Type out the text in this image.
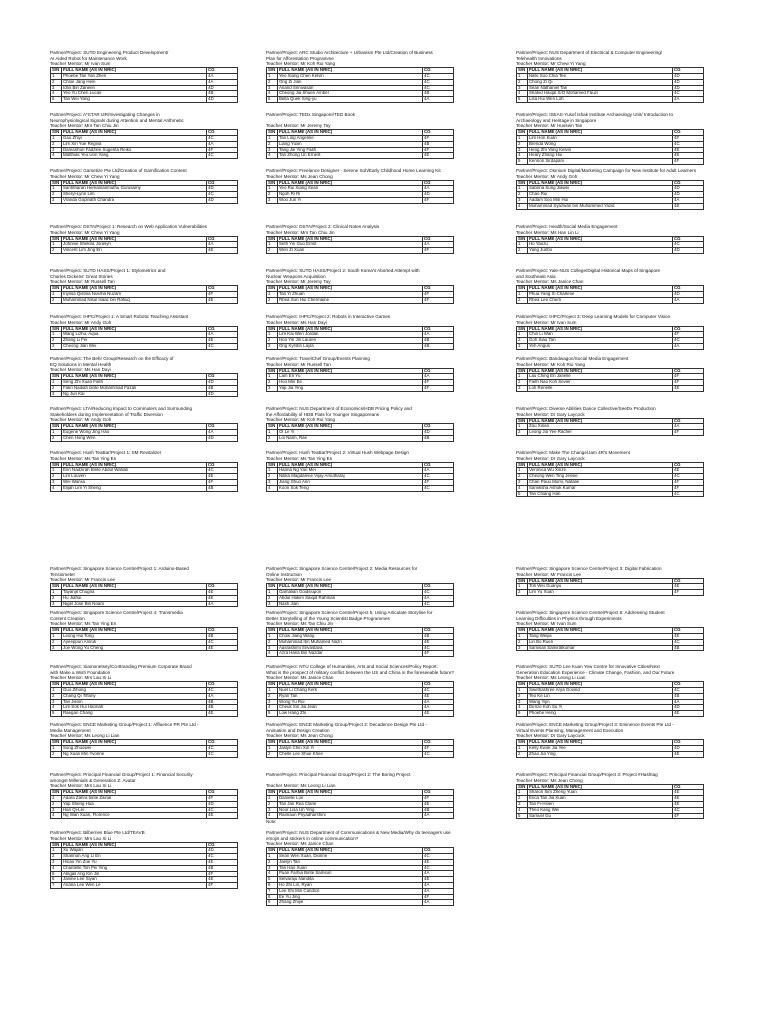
Partner/Project: SUTD Engineering Product Development/
AI Aided Robot for Maintenance Work
Teacher Mentor: Mr Ivan Sum
S/N	FULL NAME (AS IN NRIC)	CG
1	Phoebe Tan Yan Zhen	4A
2	Chloe Jang Hein	4A
3	Idris Bin Zaneen	4D
4	Yeo Yu Chen Lucas	4B
5	Tan Wei Yang	4D
Partner/Project: ARC Studio Architecture + Urbanism Pte Ltd/Creation of Business
Plan for Afforestation Programme
Teacher Mentor: Mr Koh Rui Yang
S/N	FULL NAME (AS IN NRIC)	CG
1	Yeo Xiang Chen Kelvin	4C
2	Ong Zi Jian	4C
3	Anand Srinivasan	4C
4	Cheong Jia Shuen Amber	4B
5	Bella Quek Sing-yu	4A
Partner/Project: NUS Department of Electrical & Computer Engineering/
Telehealth Innovations
Teacher Mentor: Mr Chew Yi Yang
S/N	FULL NAME (AS IN NRIC)	CG
1	Nikki Soo Chia Tee	4D
2	Chong Zi Qi	4D
3	Sean Nathaniel Tan	4D
4	Shahid Haiqal S/O Mohamed Fauzi	4C
5	Lisa Hui Wen Loh	4A
Partner/Project: A*STAR I2R/Investigating Changes in
Neurophysiological Signals during Attention and Mental Arithmetic
Teacher Mentor: Mrs Tan Chiu Jin
S/N	FULL NAME (AS IN NRIC)	CG
1	Gao Zhiyi	4C
2	Lim Xin Yue Regina	4A
3	Damanhuri Fadzlee Sugerita Reiko	4F
4	Matthias Yeo Uon Yang	4C
Partner/Project: TEDx Singapore/TED Book

Teacher Mentor: Mr Jeremy Tay
S/N	FULL NAME (AS IN NRIC)	CG
1	Tan Ling Angeline	4F
2	Liang Yuxin	4B
3	Tang Jie Ying Faith	4F
4	Tan Zhong Un Ernest	4E
Partner/Project: ISEAS-Yusof Ishak Institute Archaeology Unit/ Introduction to
Archaeology and Heritage in Singapore
Teacher Mentor: Mr Hussein Tan
S/N	FULL NAME (AS IN NRIC)	CG
1	Lim Hon Kuan	4F
2	Brenda Wong	4C
3	Heng Zhi Yang Kelvin	4E
4	Heary Zhang Hui	4E
5	Kennon Sirdapani	4F
Partner/Project: Gametize Pte Ltd/Creation of Gamification Content
Teacher Mentor: Mr Chew Yi Yang
S/N	FULL NAME (AS IN NRIC)	CG
1	Sanhtharan Hemamarimuthu Gurusamy	4D
2	Sheryl-Lynn Lim	4C
3	Vranda Gopinath Chandra	4D
Partner/Project: Freelance Designer - Serene Soh/Early Childhood Home Learning Kit
Teacher Mentor: Ms Jean Chong
S/N	FULL NAME (AS IN NRIC)	CG
1	Yeo Rui Xiang Sean	4A
2	Ngoh Ri Ri	4D
3	Woo Jun Yi	4F
Partner/Project: Osmium Digital/Marketing Campaign for New Institute for Adult Learners
Teacher Mentor: Mr Andy Goh
S/N	FULL NAME (AS IN NRIC)	CG
1	Sabrina Sung Jiawei	4D
2	Chao Rui	4D
3	Aadam Soo Min Hui	4A
4	Muhammad Syazwan bin Muhammed Yazid	4E
Partner/Project: DSTA/Project 1: Research on Web Application Vulnerabilities
Teacher Mentor: Mr Chew Yi Yang
S/N	FULL NAME (AS IN NRIC)	CG
1	Johnnie Shekira Jonelyn	4A
2	Vincent Lim Jing En	4E
Partner/Project: DSTA/Project 2: Clinical Notes Analysis
Teacher Mentor: Mrs Tan Chiu Jin
S/N	FULL NAME (AS IN NRIC)	CG
1	Seth Yin Guo Ernst	4A
2	Wen Zi Xuan	4F
Partner/Project: Health/Social Media Engagement
Teacher Mentor: Ms Han Lin Li
S/N	FULL NAME (AS IN NRIC)	CG
1	Ho Yaozu	4C
2	Yang Junbo	4D
Partner/Project: SUTD HASS/Project 1: Stylometrics and
Charles Dickens' Great Stories
Teacher Mentor: Mr Russell Tan
S/N	FULL NAME (AS IN NRIC)	CG
1	Inyssa Qistina Nusrha Nuzam	4F
2	Muhammad Nisul Isaac bin Rafiuq	4E
Partner/Project: SUTD HASS/Project 2: South Korea's Aborted Attempt with
Nuclear Weapons Acquisition
Teacher Mentor: Mr Jeremy Tay
S/N	FULL NAME (AS IN NRIC)	CG
1	Tan Yi Zhuan	4F
2	Rhea Sun Hui Chermaine	4F
Partner/Project: Yale-NUS College/Digital Historical Maps of Singapore
and Southeast Asia
Teacher Mentor: Ms Janice Chan
S/N	FULL NAME (AS IN NRIC)	CG
1	Phua Yang Xi Charlene	4D
2	Rhea Lee Chern	4A
Partner/Project: IHPC/Project 1: A Smart Robotic Teaching Assistant
Teacher Mentor: Mr Andy Goh
S/N	FULL NAME (AS IN NRIC)	CG
1	Wang Lizhu, Aqua	4A
2	Zhang Li Fei	4E
3	Cheong Jian Wei	4C
Partner/Project: IHPC/Project 2: Robots in Interactive Games
Teacher Mentor: Ms Han Dayi
S/N	FULL NAME (AS IN NRIC)	CG
1	Lim Kai Wen Jordan	4A
2	Hoo Yin Jin Lauren	4B
3	Ong Kyrstin Layla	4B
Partner/Project: IHPC/Project 3: Deep Learning Models for Computer Vision
Teacher Mentor: Mr Ivan Sum
S/N	FULL NAME (AS IN NRIC)	CG
1	Chin Li Wan	4F
2	Goh Siau Tan	4C
3	Yeh Angus	4A
Partner/Project: The Behr Group/Research on the Efficacy of
EQ Solutions in Mental Health
Teacher Mentor: Ms Han Dayi
S/N	FULL NAME (AS IN NRIC)	CG
1	Seng Zhi Xuan Faith	4D
2	Fakri Nadiah binte Mohammad Fazali	4B
3	Ng Jun Kai	4D
Partner/Project: TravelChef Group/Events Planning
Teacher Mentor: Mr Russell Tan
S/N	FULL NAME (AS IN NRIC)	CG
1	Lam En Yu	4A
2	Hoo Min Ee	4F
3	Yap Jia Ying	4F
Partner/Project: Bandwagon/Social Media Engagement
Teacher Mentor: Mr Koh Rui Yang
S/N	FULL NAME (AS IN NRIC)	CG
1	Lau Ching En Janelle	4F
2	Faith Nao Koh Sevier	4F
3	Loh Renelle	4E
Partner/Project: LTA/Reducing Impact to Commuters and Surrounding
Stakeholders during Implementation of Traffic Diversion
Teacher Mentor: Mr Andy Goh
S/N	FULL NAME (AS IN NRIC)	CG
1	Eugene Wong Jing Hao	4A
2	Chen Hong Wen	4D
Partner/Project: NUS Department of Economics/HDB Pricing Policy and
the Affordability of HDB Flats for Younger Singaporeans
Teacher Mentor: Mr Koh Rui Yang
S/N	FULL NAME (AS IN NRIC)	CG
1	Ol Le Yi	4D
2	Loi Nann, Rae	4B
Partner/Project: Diverse Abilities Dance Collective/SeeDx Production
Teacher Mentor: Dr Gary Laycock
S/N	FULL NAME (AS IN NRIC)	CG
1	Zou Xinan	4A
2	Leong Jia Yee Rachel	4F
Partner/Project: Hush TeaBar/Project 1: SM Revitalizer
Teacher Mentor: Ms Tan Ying En
S/N	FULL NAME (AS IN NRIC)	CG
1	Erin Nadzirah Binte Abdul Wahab	4C
2	Lim Louven	4E
3	Wei Wanxu	4F
4	Elijah Lim Yi Sheng	4B
Partner/Project: Hush TeaBar/Project 2: Virtual Hush Webpage Design
Teacher Mentor: Ms Tan Ying En
S/N	FULL NAME (AS IN NRIC)	CG
1	Hanna Ng Yan Mei	4A
2	Nitika Magdalene Vijay Amutharaj	4C
3	Jiang Shuo Ann	4F
4	Koon Sok Teng	4C
Partner/Project: Make The Change/Jam 4R's Movement
Teacher Mentor: Dr Gary Laycock
S/N	FULL NAME (AS IN NRIC)	CG
1	Veronica Wu Xinze	4E
2	Cheong Wen Ting Jessie	4C
3	Chan Pauu Mumi, Natalie	4F
4	Samiksha Ashok Kumar	4F
5	Tan Chiang Han	4C
Partner/Project: Singapore Science Centre/Project 1: Arduino-Based
Tensiometer
Teacher Mentor: Mr Francis Lee
S/N	FULL NAME (AS IN NRIC)	CG
1	Tayanjit Chugna	4E
2	Hu Jiahui	4E
3	Nigel Jose Bin Noam	4A
Partner/Project: Singapore Science Centre/Project 2: Media Resources for
Online Instruction
Teacher Mentor: Mr Francis Lee
S/N	FULL NAME (AS IN NRIC)	CG
1	Gamalian Goidsiupon	4C
2	Abdul Hakim Saiqid Rahman	4A
3	Nash Jian	4C
Partner/Project: Singapore Science Centre/Project 3: Digital Fabrication
Teacher Mentor: Mr Francis Lee
S/N	FULL NAME (AS IN NRIC)	CG
1	Toh Wei Guanyu	4E
2	Lim Yu Xuan	4F
Partner/Project: Singapore Science Centre/Project 4: Transmedia
Content Creation
Teacher Mentor: Ms Tan Ying En
S/N	FULL NAME (AS IN NRIC)	CG
1	Leong Hui Tong	4B
2	Ayeeppun Aniruk	4C
3	Joe Wong Yu Cheng	4E
Partner/Project: Singapore Science Centre/Project 5: Using Articulate Storyline for
Better Storytelling of the Young Scientist Badge Programmes
Teacher Mentor: Ms Tan Chiu Jin
S/N	FULL NAME (AS IN NRIC)	CG
1	Chow Jiang Wang	4B
2	Muhammad Ibn Muhamed Nazri	4E
3	Aasrashimi Srivastava	4C
4	Azra Hana Bin Nazdar	4F
Partner/Project: Singapore Science Centre/Project 6: Addressing Student
Learning Difficulties in Physics through Experiments
Teacher Mentor: Mr Ivan Sum
S/N	FULL NAME (AS IN NRIC)	CG
1	Tang Weijia	4E
2	Lin Bo Ruen	4C
3	Samisan Samiratkumar	4B
Partner/Project: Siamonetsey/Co-Branding Premium Corporate Brand
with Make a Wish Foundation
Teacher Mentor: Mrs Lau Xi Li
S/N	FULL NAME (AS IN NRIC)	CG
1	Guo Zihong	4C
2	Chang Qi Tiffany	4A
3	Tan Jiexin	4B
4	Lim Sok Hui Hannah	4B
5	Raegan Chang	4E
Partner/Project: NTU College of Humanities, Arts and Social Sciences/Policy Report:
What is the prospect of military conflict between the US and China in the foreseeable future?
Teacher Mentor: Ms Janice Chan
S/N	FULL NAME (AS IN NRIC)	CG
1	Nuel Li Chang Kerk	4C
2	Ryan Tan	4E
3	Wong Yu Rui	4A
4	Cheuk Sin Jia Jean	4A
5	Low Hang Zhi	4E
Partner/Project: SUTD Lee Kuan Yew Centre for Innovative Cities/Next
Generation Education Experience - Climate Change, Fashion, and Our Future
Teacher Mentor: Ms Leong Li Lian
S/N	FULL NAME (AS IN NRIC)	CG
1	Swethashree Arya Govind	4C
2	Teo Ke Lin	4B
3	Wang Yijin	4A
4	Denze Koh Su Yi	4D
5	Phoebe Heng	4E
Partner/Project: ENCE Marketing Group/Project 1: Affluence PR Pte Ltd -
Media Management
Teacher Mentor: Ms Leong Li Lian
S/N	FULL NAME (AS IN NRIC)	CG
1	Song Zhuowei	4C
2	Ng Xuan Min Yvonne	4C
Partner/Project: ENCE Marketing Group/Project 2: Decadence Design Pte Ltd -
Animation and Design Creation
Teacher Mentor: Ms Jean Chong
S/N	FULL NAME (AS IN NRIC)	CG
1	Jaslyn Chin Xin Yi	4F
2	Chelle Lee Shue Khee	4C
Partner/Project: ENCE Marketing Group/Project 3: Eminence Events Pte Ltd -
Virtual Events Planning, Management and Execution
Teacher Mentor: Dr Gary Laycock
S/N	FULL NAME (AS IN NRIC)	CG
1	Kelly Kwok Jia Yee	4D
2	Zhao Jia Ying	4E
Partner/Project: Principal Financial Group/Project 1: Financial Security
amongst Millenials & Generation Z: Avatar
Teacher Mentor: Mrs Lau Xi Li
S/N	FULL NAME (AS IN NRIC)	CG
1	Adara Zahra binte Zainal	4F
2	Yap Sheng Hua	4D
3	Han Qi-Lei	4C
4	Ng Wan Xuan, Florence	4E
Partner/Project: Principal Financial Group/Project 2: The Boring Project

Teacher Mentor: Ms Leong Li Lian
S/N	FULL NAME (AS IN NRIC)	CG
1	Danielle Loe	4F
2	Tan Jan Rea Clarie	4E
3	Noor Lisa Un Ying	4B
4	Raimaun Priyadharshini	4A
Note:
Partner/Project: Principal Financial Group/Project 3: Project #Hashtag
Teacher Mentor: Ms Jean Chong
S/N	FULL NAME (AS IN NRIC)	CG
1	Sharon Sim Zheng Yuan	4E
2	Erica Tan Jia Xuan	4E
3	Tan Fi-Hsien	4E
4	Theo Kang Wei	4C
5	Samuel Gu	4F
Partner/Project: Bilberries Blue Pte Ltd/TEAVB
Teacher Mentor: Mrs Lau Xi Li
S/N	FULL NAME (AS IN NRIC)	CG
1	Xu Wajian	4D
2	Shannon Ang Li En	4C
3	Hsiao Yin Zoe Yu	4E
4	Chantelle Toh Pei Ying	4B
5	Abigail Ang Kin Jin	4F
6	Janine Lee Siyan	4E
7	Ariana Lee Wen Le	4F
Partner/Project: NUS Department of Communications & New Media/Why do teenagers use
emojis and stickers in online communication?
Teacher Mentor: Ms Janice Chan
S/N	FULL NAME (AS IN NRIC)	CG
1	Sean Wen Xuan, Dionne	4C
2	Jaelyn Tan	4E
3	Tan Hao Xuan	4C
4	Puan Farhia Binte Samsuri	4A
5	Selvaraju Nandita	4E
6	Ho Zhi Lin, Ryan	4A
7	Lee Shi Min Candice	4A
8	Ee Yu Jing	4F
9	Zhang Zhijie	4A
